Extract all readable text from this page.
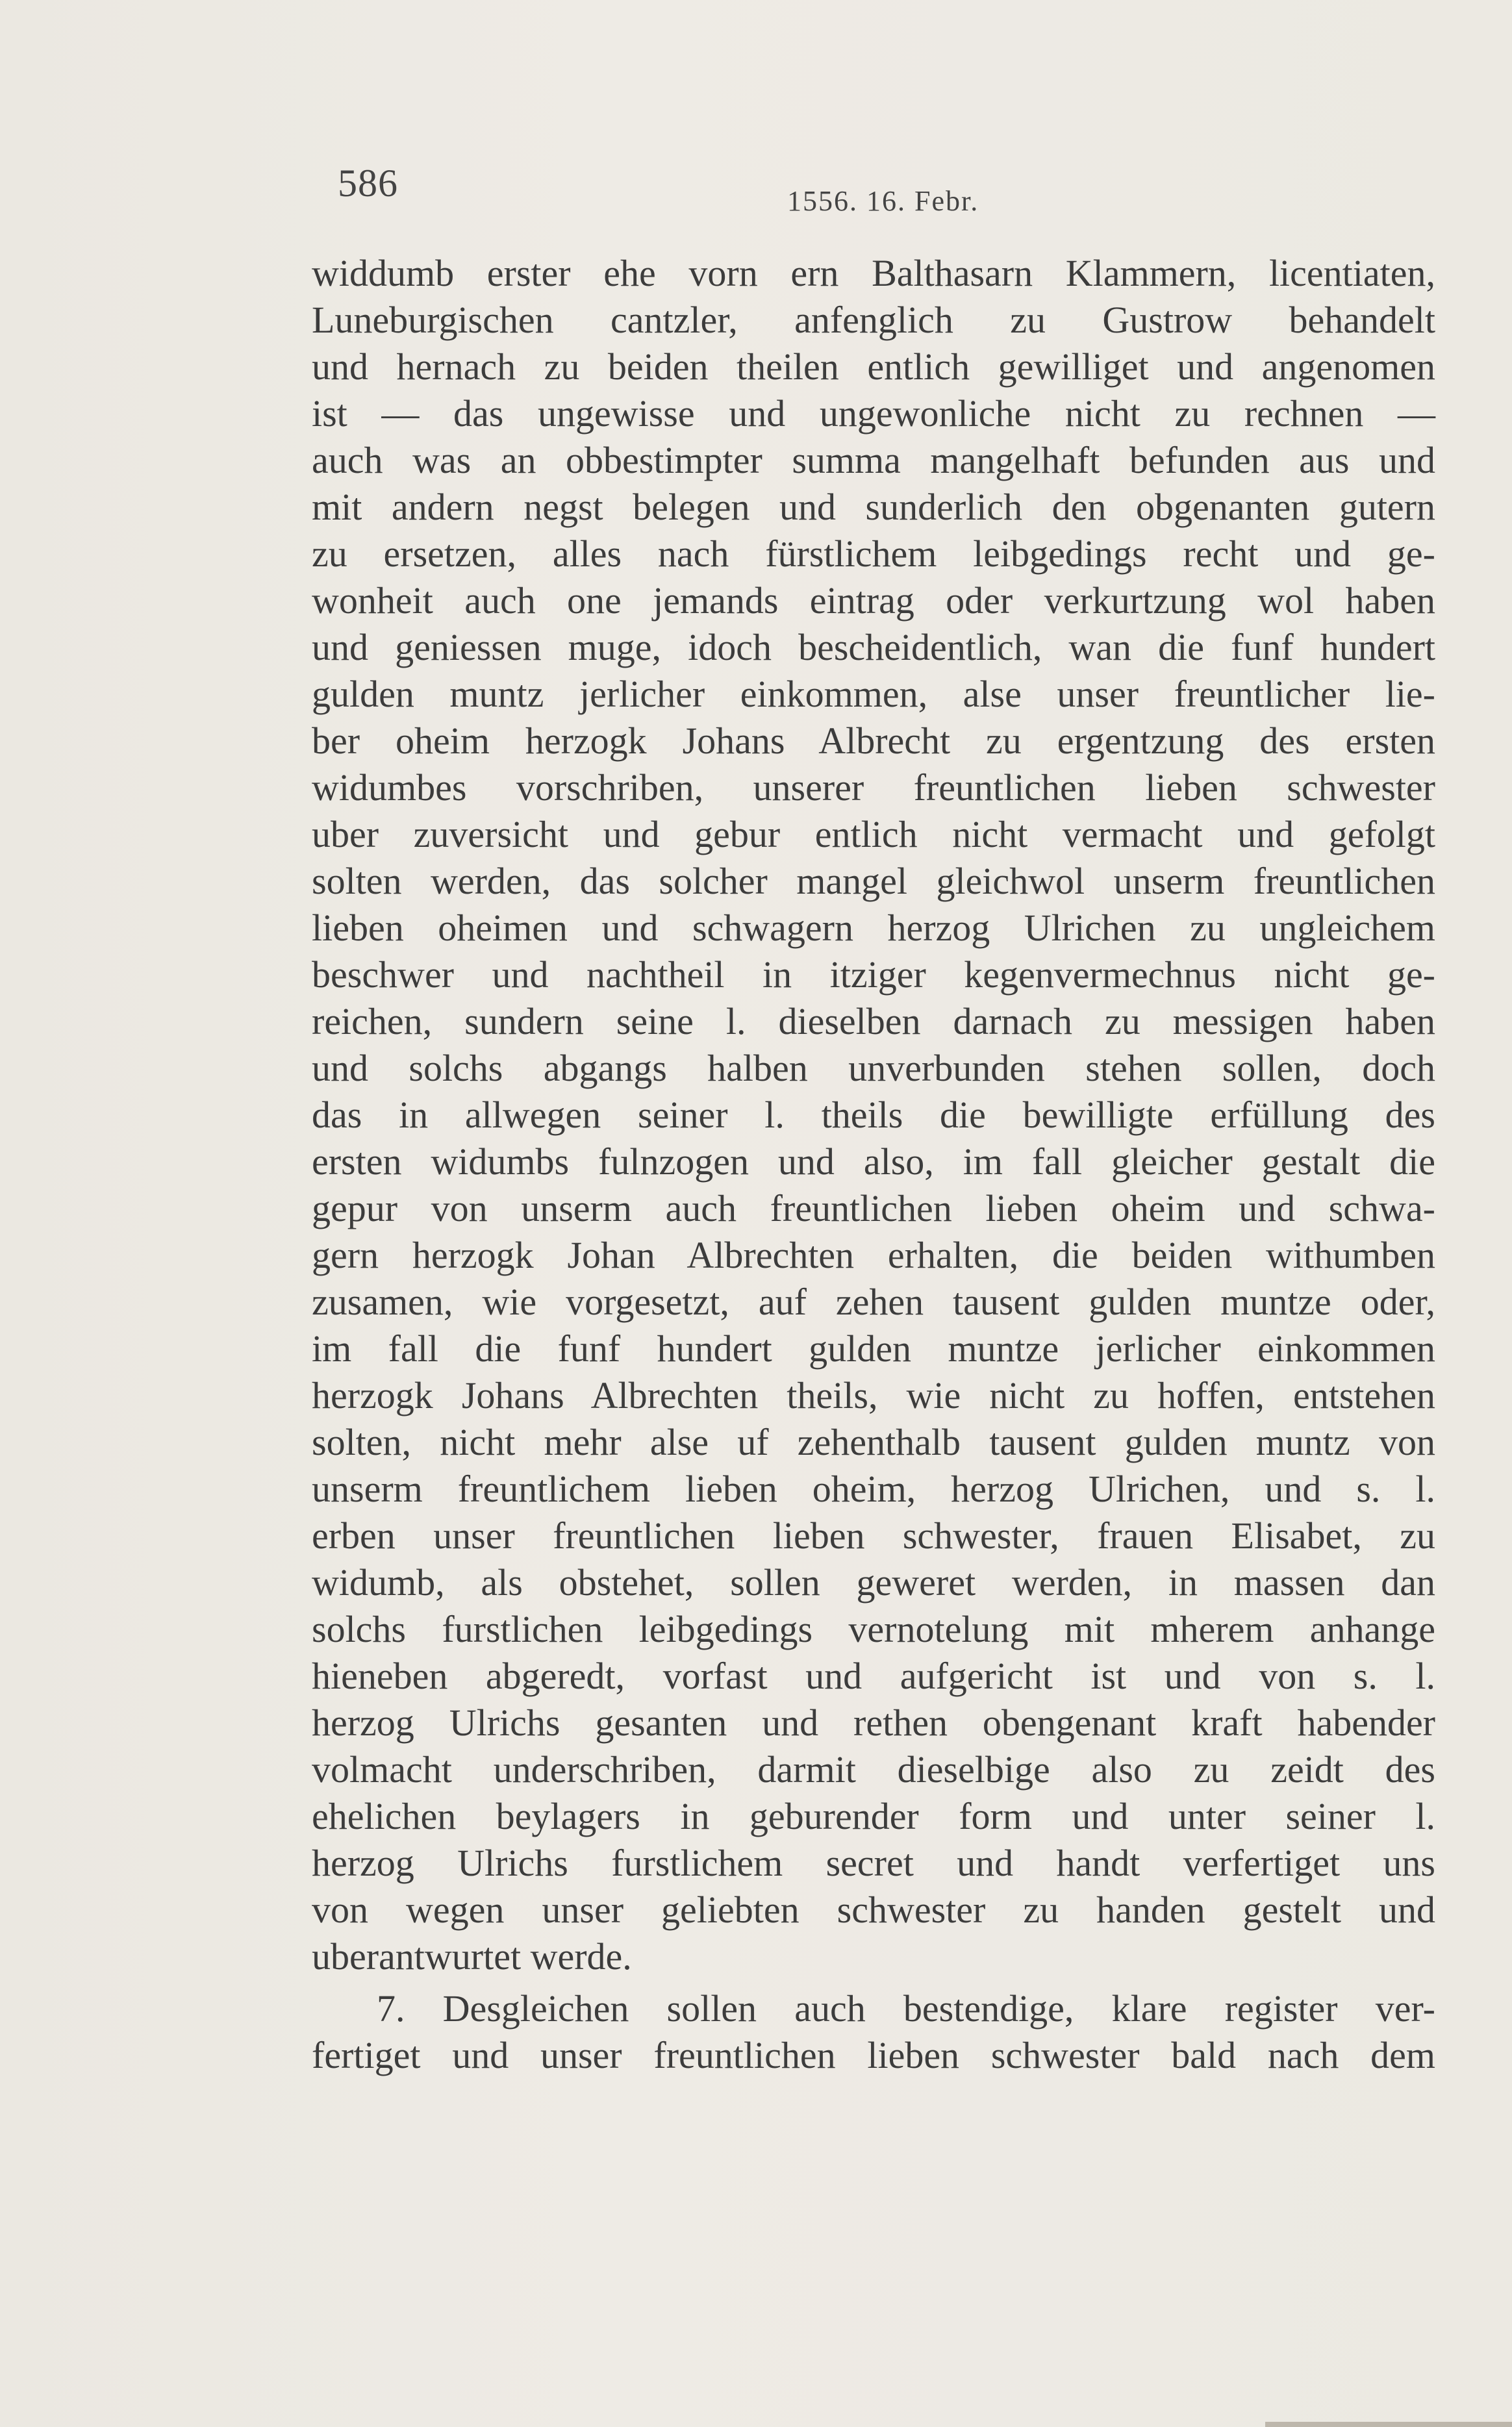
586	1556. 16. Febr.
widdumb erster ehe vorn ern Balthasarn Klammern, licentiaten,
Luneburgischen cantzler, anfenglich zu Gustrow behandelt
und hernach zu beiden theilen entlich gewilliget und angenomen
ist — das ungewisse und ungewonliche nicht zu rechnen —
auch was an obbestimpter summa mangelhaft befunden aus und
mit andern negst belegen und sunderlich den obgenanten gutern
zu ersetzen, alles nach fürstlichem leibgedings recht und ge-
wonheit auch one jemands eintrag oder verkurtzung wol haben
und geniessen muge, idoch bescheidentlich, wan die funf hundert
gulden muntz jerlicher einkommen, alse unser freuntlicher lie-
ber oheim herzogk Johans Albrecht zu ergentzung des ersten
widumbes vorschriben, unserer freuntlichen lieben schwester
uber zuversicht und gebur entlich nicht vermacht und gefolgt
solten werden, das solcher mangel gleichwol unserm freuntlichen
lieben oheimen und schwagern herzog Ulrichen zu ungleichem
beschwer und nachtheil in itziger kegenvermechnus nicht ge-
reichen, sundern seine l. dieselben darnach zu messigen haben
und solchs abgangs halben unverbunden stehen sollen, doch
das in allwegen seiner l. theils die bewilligte erfüllung des
ersten widumbs fulnzogen und also, im fall gleicher gestalt die
gepur von unserm auch freuntlichen lieben oheim und schwa-
gern herzogk Johan Albrechten erhalten, die beiden withumben
zusamen, wie vorgesetzt, auf zehen tausent gulden muntze oder,
im fall die funf hundert gulden muntze jerlicher einkommen
herzogk Johans Albrechten theils, wie nicht zu hoffen, entstehen
solten, nicht mehr alse uf zehenthalb tausent gulden muntz von
unserm freuntlichem lieben oheim, herzog Ulrichen, und s. l.
erben unser freuntlichen lieben schwester, frauen Elisabet, zu
widumb, als obstehet, sollen geweret werden, in massen dan
solchs furstlichen leibgedings vernotelung mit mherem anhange
hieneben abgeredt, vorfast und aufgericht ist und von s. l.
herzog Ulrichs gesanten und rethen obengenant kraft habender
volmacht underschriben, darmit dieselbige also zu zeidt des
ehelichen beylagers in geburender form und unter seiner l.
herzog Ulrichs furstlichem secret und handt verfertiget uns
von wegen unser geliebten schwester zu handen gestelt und
uberantwurtet werde.
7. Desgleichen sollen auch bestendige, klare register ver-
fertiget und unser freuntlichen lieben schwester bald nach dem
